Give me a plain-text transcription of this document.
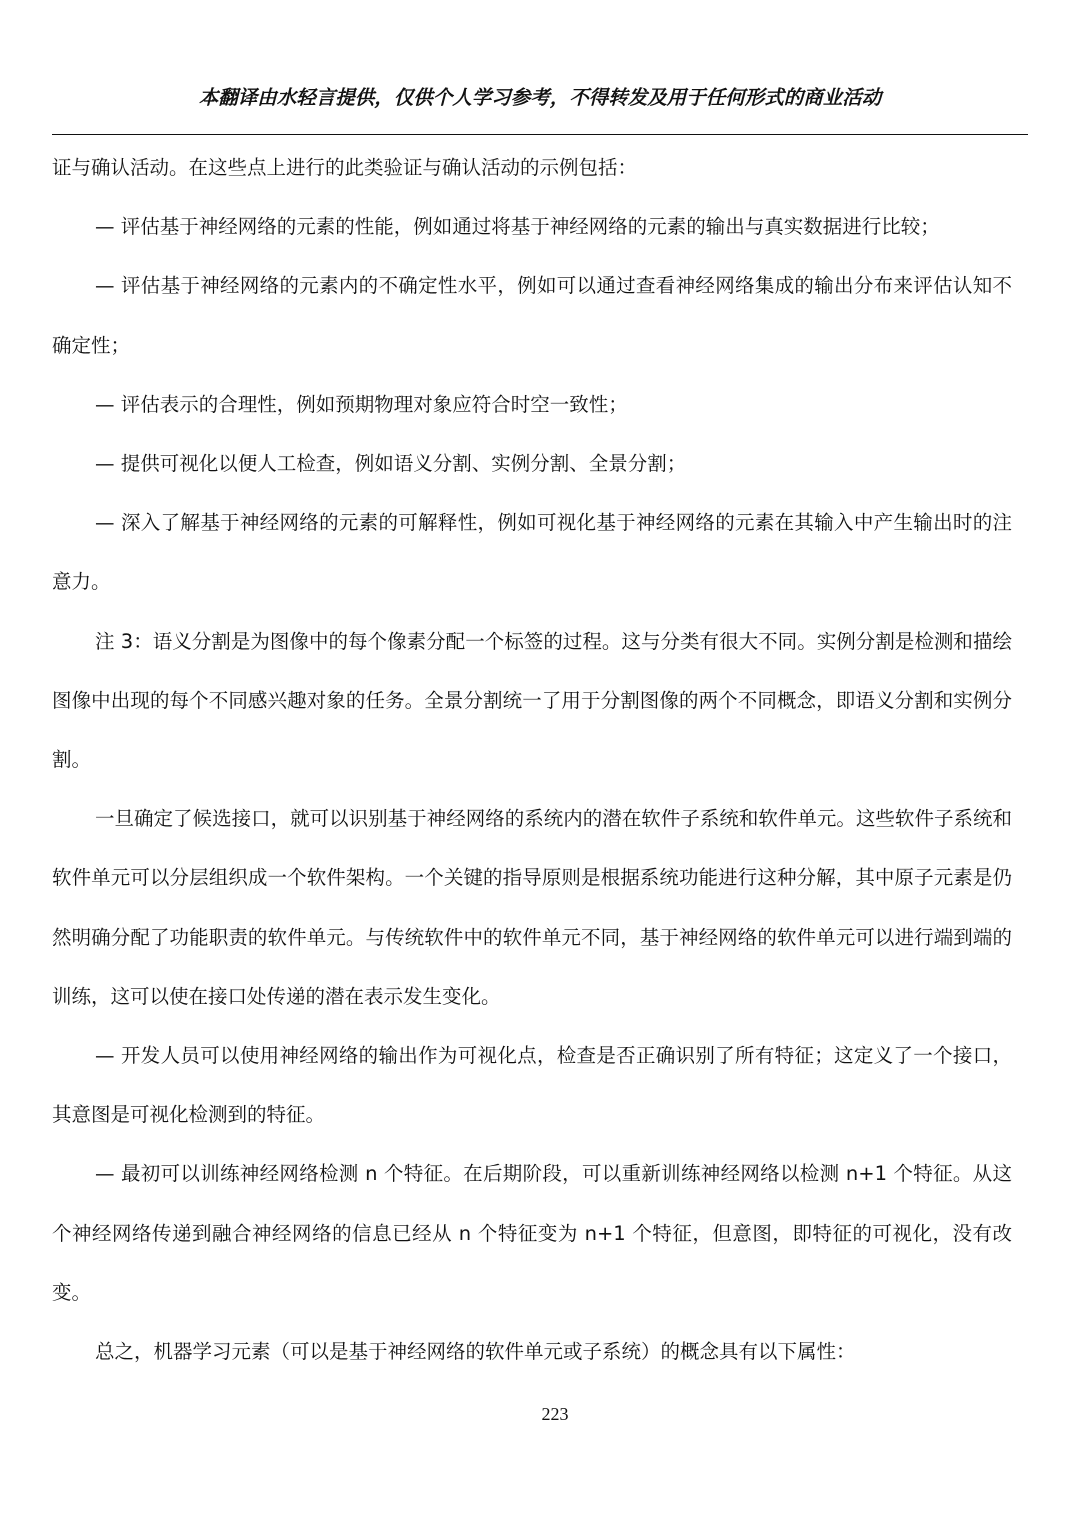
本翻译由水轻言提供，仅供个人学习参考，不得转发及用于任何形式的商业活动

证与确认活动。在这些点上进行的此类验证与确认活动的示例包括：

— 评估基于神经网络的元素的性能，例如通过将基于神经网络的元素的输出与真实数据进行比较；

— 评估基于神经网络的元素内的不确定性水平，例如可以通过查看神经网络集成的输出分布来评估认知不确定性；

— 评估表示的合理性，例如预期物理对象应符合时空一致性；

— 提供可视化以便人工检查，例如语义分割、实例分割、全景分割；

— 深入了解基于神经网络的元素的可解释性，例如可视化基于神经网络的元素在其输入中产生输出时的注意力。

注 3：语义分割是为图像中的每个像素分配一个标签的过程。这与分类有很大不同。实例分割是检测和描绘图像中出现的每个不同感兴趣对象的任务。全景分割统一了用于分割图像的两个不同概念，即语义分割和实例分割。

一旦确定了候选接口，就可以识别基于神经网络的系统内的潜在软件子系统和软件单元。这些软件子系统和软件单元可以分层组织成一个软件架构。一个关键的指导原则是根据系统功能进行这种分解，其中原子元素是仍然明确分配了功能职责的软件单元。与传统软件中的软件单元不同，基于神经网络的软件单元可以进行端到端的训练，这可以使在接口处传递的潜在表示发生变化。

— 开发人员可以使用神经网络的输出作为可视化点，检查是否正确识别了所有特征；这定义了一个接口，其意图是可视化检测到的特征。

— 最初可以训练神经网络检测 n 个特征。在后期阶段，可以重新训练神经网络以检测 n+1 个特征。从这个神经网络传递到融合神经网络的信息已经从 n 个特征变为 n+1 个特征，但意图，即特征的可视化，没有改变。

总之，机器学习元素（可以是基于神经网络的软件单元或子系统）的概念具有以下属性：

223
